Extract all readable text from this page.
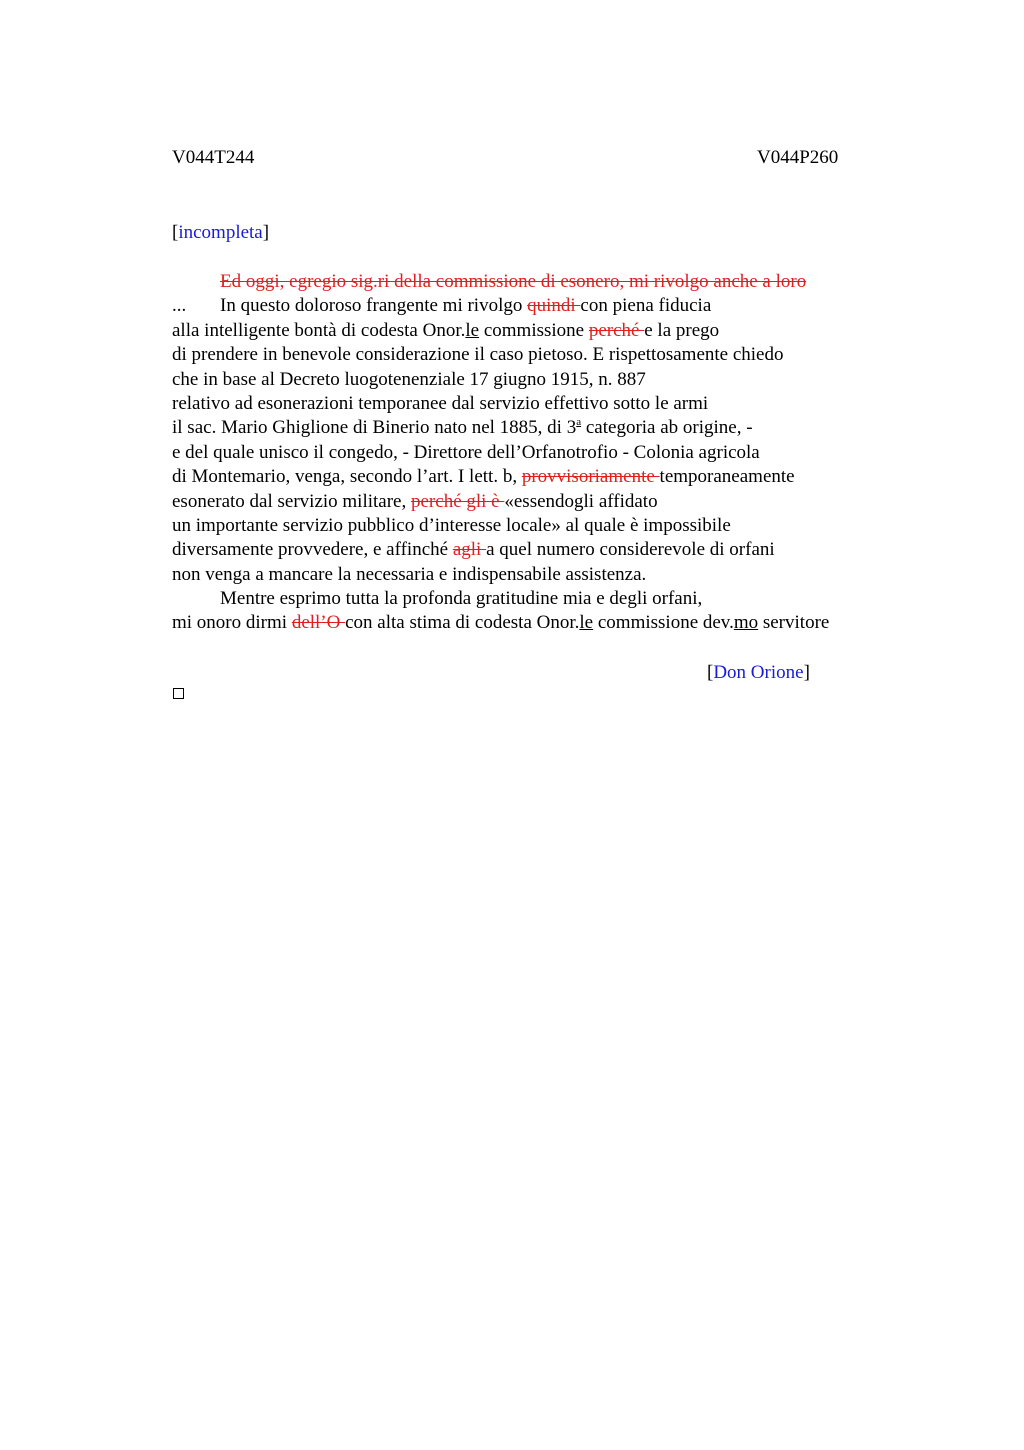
V044T244	V044P260
[incompleta]
Ed oggi, egregio sig.ri della commissione di esonero, mi rivolgo anche a loro
... In questo doloroso frangente mi rivolgo quindi con piena fiducia
alla intelligente bontà di codesta Onor.le commissione perché e la prego
di prendere in benevole considerazione il caso pietoso. E rispettosamente chiedo
che in base al Decreto luogotenenziale 17 giugno 1915, n. 887
relativo ad esonerazioni temporanee dal servizio effettivo sotto le armi
il sac. Mario Ghiglione di Binerio nato nel 1885, di 3$^a$ categoria ab origine, -
e del quale unisco il congedo, - Direttore dell’Orfanotrofio - Colonia agricola
di Montemario, venga, secondo l’art. I lett. b, provvisoriamente temporaneamente
esonerato dal servizio militare, perché gli è «essendogli affidato
un importante servizio pubblico d’interesse locale» al quale è impossibile
diversamente provvedere, e affinché agli a quel numero considerevole di orfani
non venga a mancare la necessaria e indispensabile assistenza.
Mentre esprimo tutta la profonda gratitudine mia e degli orfani,
mi onoro dirmi dell’O con alta stima di codesta Onor.le commissione dev.mo servitore
[Don Orione]
